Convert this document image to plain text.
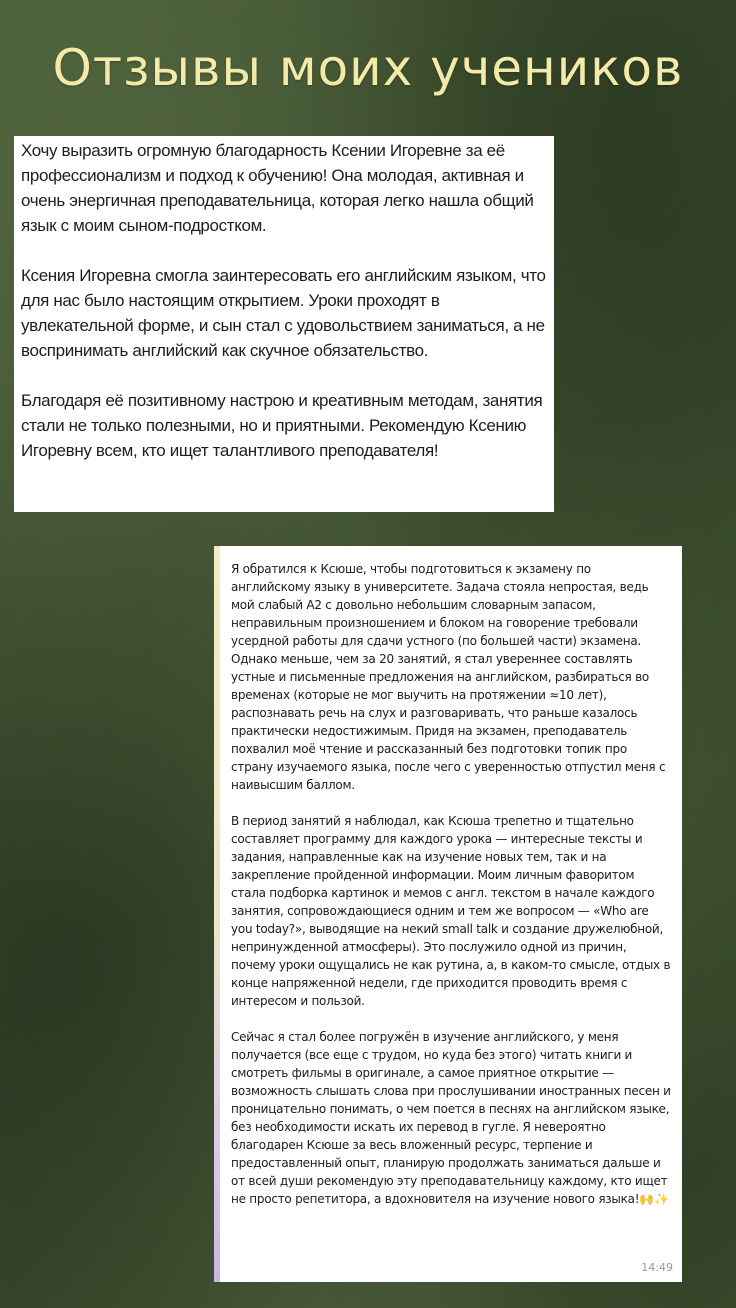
Отзывы моих учеников

Хочу выразить огромную благодарность Ксении Игоревне за её профессионализм и подход к обучению! Она молодая, активная и очень энергичная преподавательница, которая легко нашла общий язык с моим сыном-подростком.

Ксения Игоревна смогла заинтересовать его английским языком, что для нас было настоящим открытием. Уроки проходят в увлекательной форме, и сын стал с удовольствием заниматься, а не воспринимать английский как скучное обязательство.

Благодаря её позитивному настрою и креативным методам, занятия стали не только полезными, но и приятными. Рекомендую Ксению Игоревну всем, кто ищет талантливого преподавателя!

Я обратился к Ксюше, чтобы подготовиться к экзамену по английскому языку в университете. Задача стояла непростая, ведь мой слабый A2 с довольно небольшим словарным запасом, неправильным произношением и блоком на говорение требовали усердной работы для сдачи устного (по большей части) экзамена. Однако меньше, чем за 20 занятий, я стал увереннее составлять устные и письменные предложения на английском, разбираться во временах (которые не мог выучить на протяжении ≈10 лет), распознавать речь на слух и разговаривать, что раньше казалось практически недостижимым. Придя на экзамен, преподаватель похвалил моё чтение и рассказанный без подготовки топик про страну изучаемого языка, после чего с уверенностью отпустил меня с наивысшим баллом.

В период занятий я наблюдал, как Ксюша трепетно и тщательно составляет программу для каждого урока — интересные тексты и задания, направленные как на изучение новых тем, так и на закрепление пройденной информации. Моим личным фаворитом стала подборка картинок и мемов с англ. текстом в начале каждого занятия, сопровождающиеся одним и тем же вопросом — «Who are you today?», выводящие на некий small talk и создание дружелюбной, непринужденной атмосферы). Это послужило одной из причин, почему уроки ощущались не как рутина, а, в каком-то смысле, отдых в конце напряженной недели, где приходится проводить время с интересом и пользой.

Сейчас я стал более погружён в изучение английского, у меня получается (все еще с трудом, но куда без этого) читать книги и смотреть фильмы в оригинале, а самое приятное открытие — возможность слышать слова при прослушивании иностранных песен и проницательно понимать, о чем поется в песнях на английском языке, без необходимости искать их перевод в гугле. Я невероятно благодарен Ксюше за весь вложенный ресурс, терпение и предоставленный опыт, планирую продолжать заниматься дальше и от всей души рекомендую эту преподавательницу каждому, кто ищет не просто репетитора, а вдохновителя на изучение нового языка!🙌✨

14:49
